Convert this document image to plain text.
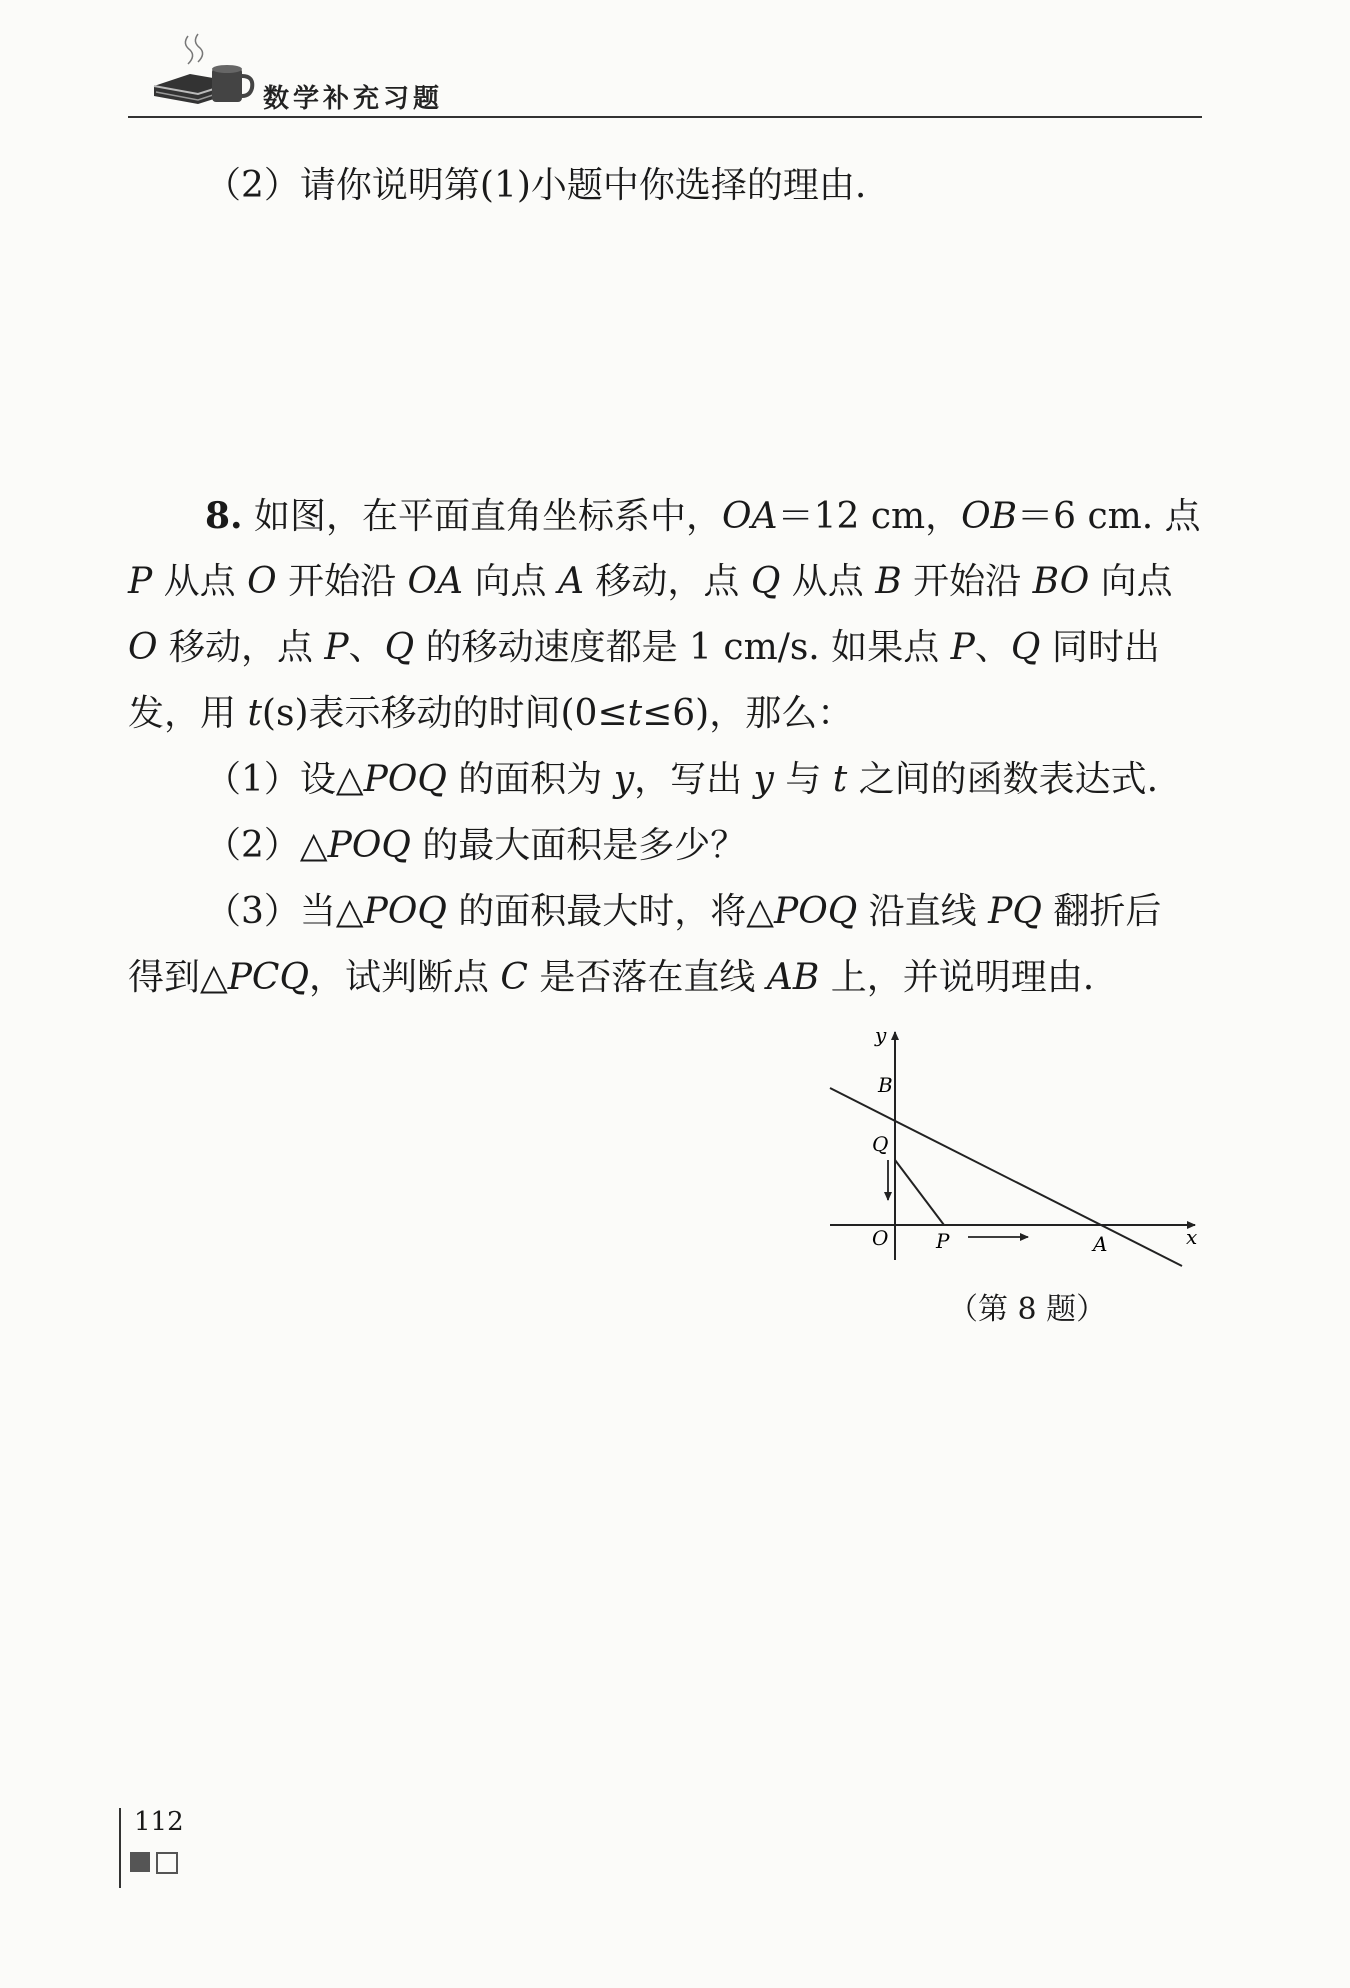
数学补充习题
（2）请你说明第(1)小题中你选择的理由.
8. 如图，在平面直角坐标系中，OA＝12 cm，OB＝6 cm. 点
P 从点 O 开始沿 OA 向点 A 移动，点 Q 从点 B 开始沿 BO 向点
O 移动，点 P、Q 的移动速度都是 1 cm/s. 如果点 P、Q 同时出
发，用 t(s)表示移动的时间(0≤t≤6)，那么：
（1）设△POQ 的面积为 y，写出 y 与 t 之间的函数表达式.
（2）△POQ 的最大面积是多少？
（3）当△POQ 的面积最大时，将△POQ 沿直线 PQ 翻折后
得到△PCQ，试判断点 C 是否落在直线 AB 上，并说明理由.
y
x
B
Q
O P	A
（第 8 题）
112
